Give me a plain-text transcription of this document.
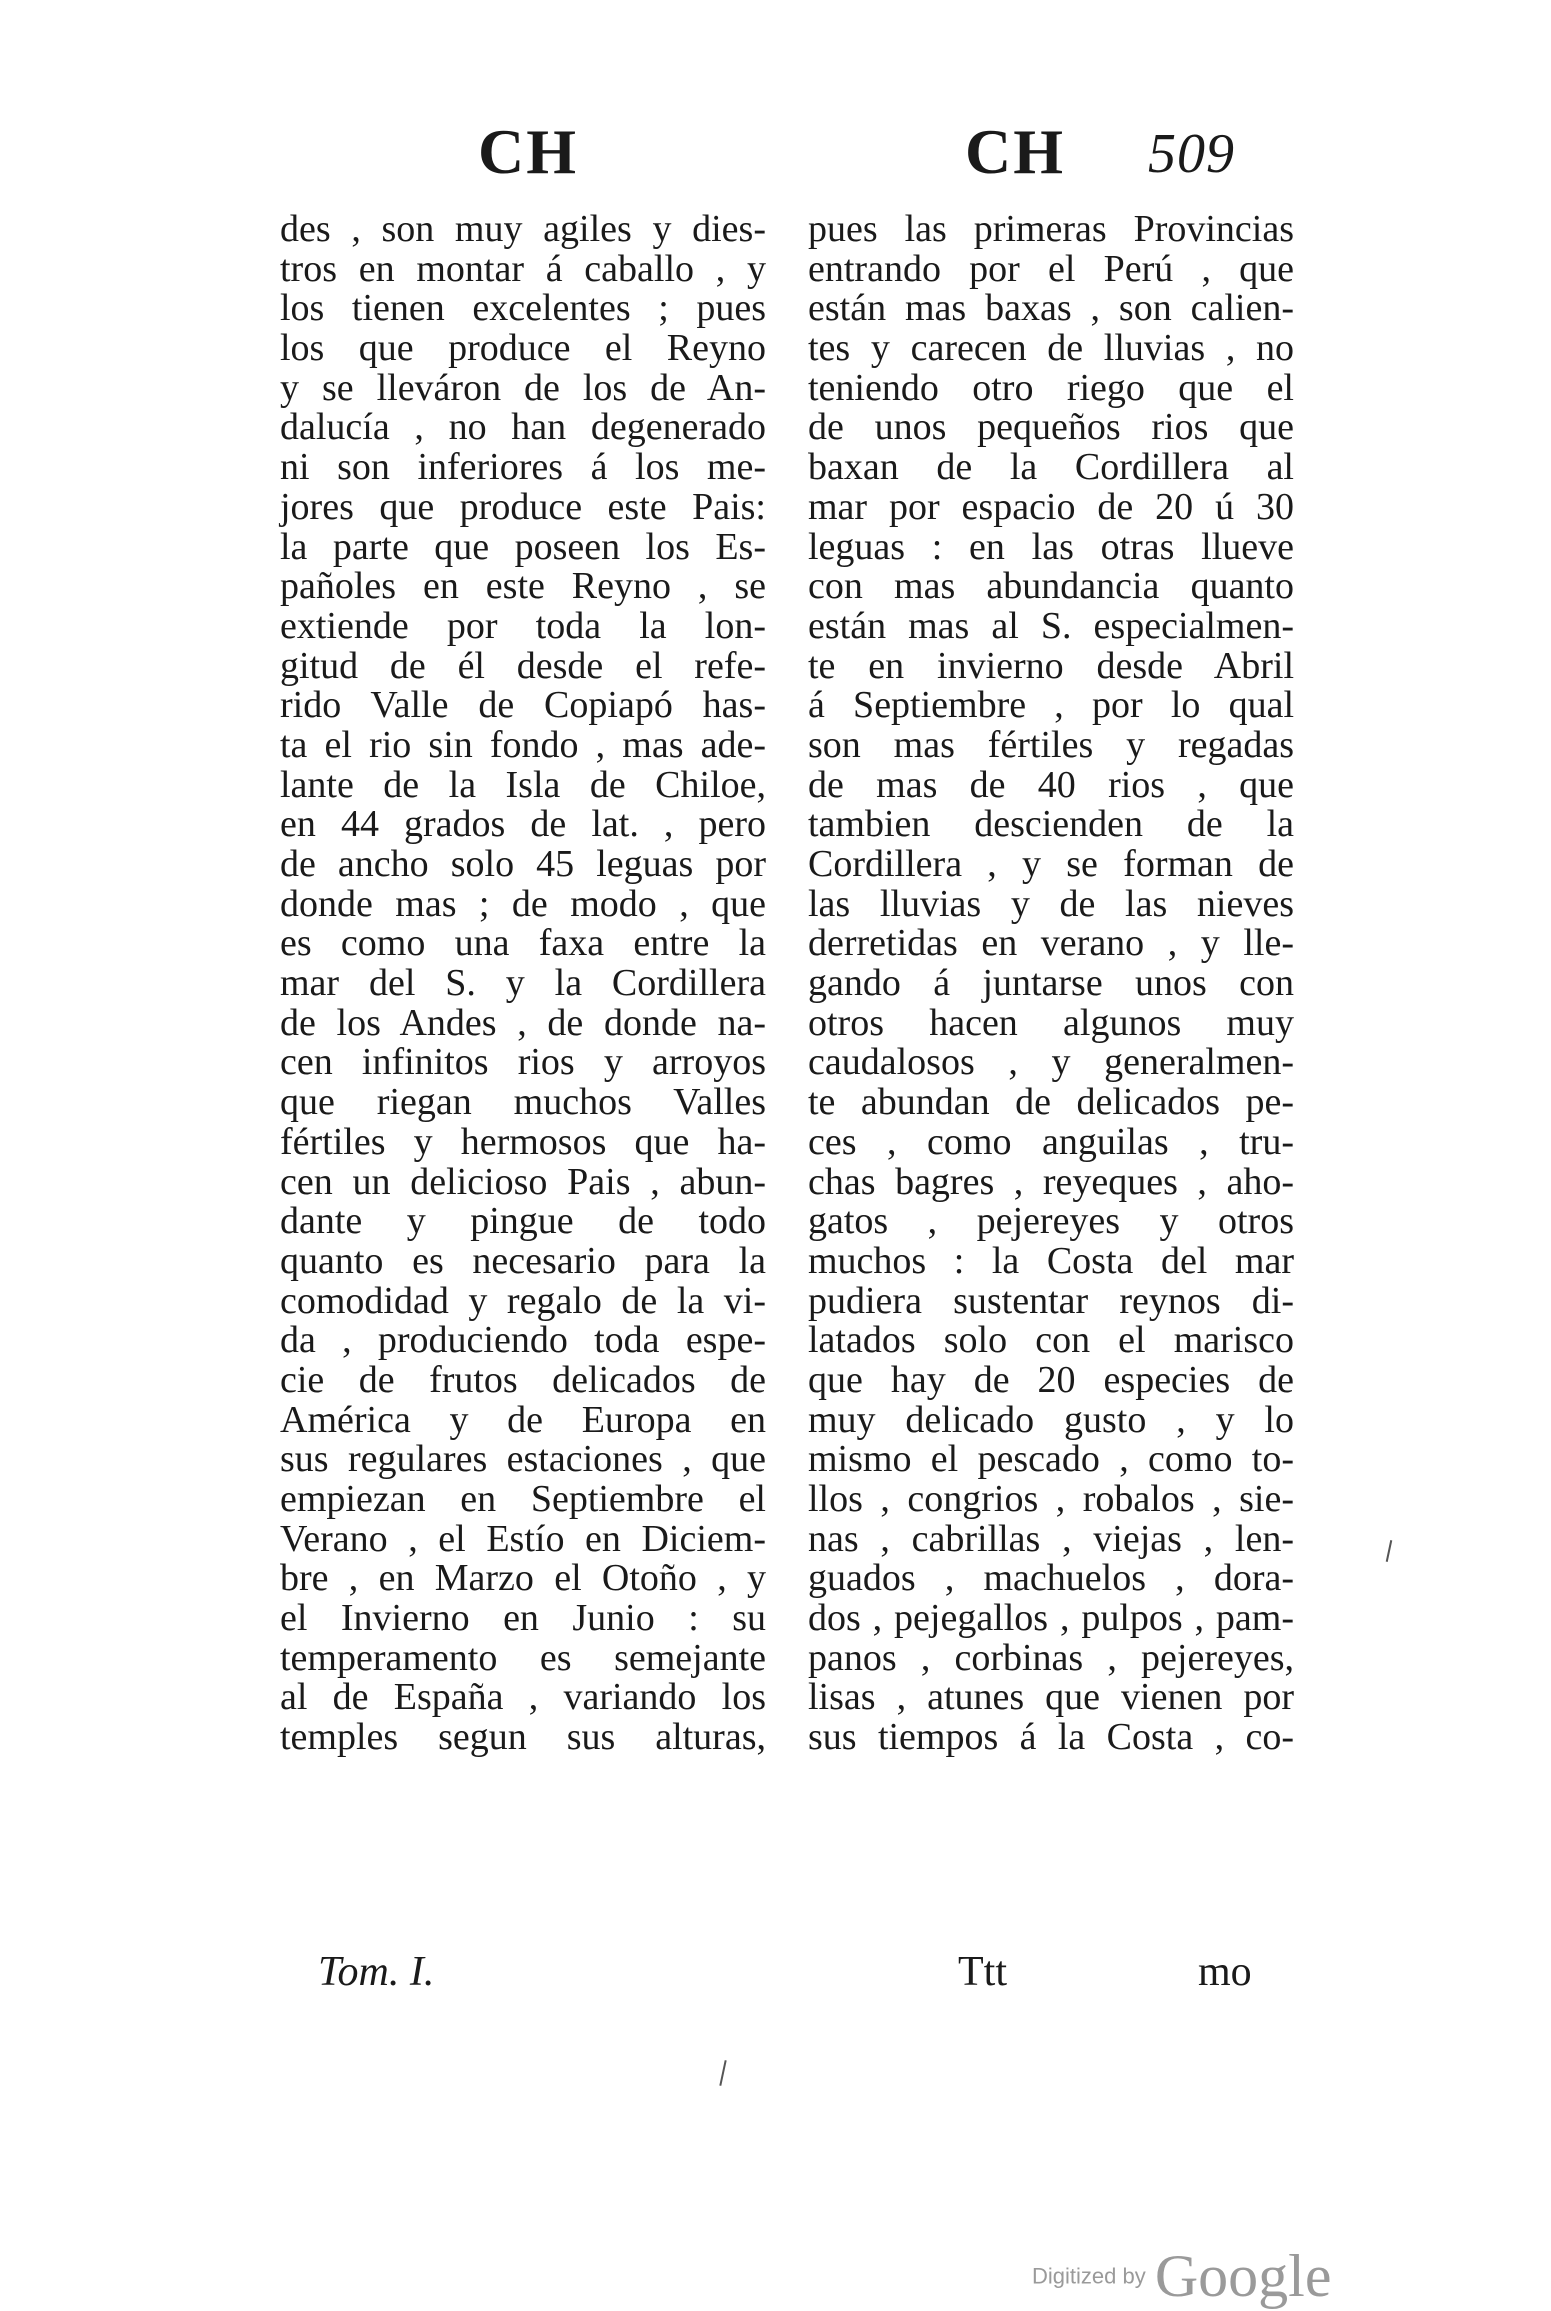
CH	CH 509
des , son muy agiles y dies-
tros en montar á caballo , y
los tienen excelentes ; pues
los que produce el Reyno
y se lleváron de los de An-
dalucía , no han degenerado
ni son inferiores á los me-
jores que produce este Pais:
la parte que poseen los Es-
pañoles en este Reyno , se
extiende por toda la lon-
gitud de él desde el refe-
rido Valle de Copiapó has-
ta el rio sin fondo , mas ade-
lante de la Isla de Chiloe,
en 44 grados de lat. , pero
de ancho solo 45 leguas por
donde mas ; de modo , que
es como una faxa entre la
mar del S. y la Cordillera
de los Andes , de donde na-
cen infinitos rios y arroyos
que riegan muchos Valles
fértiles y hermosos que ha-
cen un delicioso Pais , abun-
dante y pingue de todo
quanto es necesario para la
comodidad y regalo de la vi-
da , produciendo toda espe-
cie de frutos delicados de
América y de Europa en
sus regulares estaciones , que
empiezan en Septiembre el
Verano , el Estío en Diciem-
bre , en Marzo el Otoño , y
el Invierno en Junio : su
temperamento es semejante
al de España , variando los
temples segun sus alturas,
pues las primeras Provincias
entrando por el Perú , que
están mas baxas , son calien-
tes y carecen de lluvias , no
teniendo otro riego que el
de unos pequeños rios que
baxan de la Cordillera al
mar por espacio de 20 ú 30
leguas : en las otras llueve
con mas abundancia quanto
están mas al S. especialmen-
te en invierno desde Abril
á Septiembre , por lo qual
son mas fértiles y regadas
de mas de 40 rios , que
tambien descienden de la
Cordillera , y se forman de
las lluvias y de las nieves
derretidas en verano , y lle-
gando á juntarse unos con
otros hacen algunos muy
caudalosos , y generalmen-
te abundan de delicados pe-
ces , como anguilas , tru-
chas bagres , reyeques , aho-
gatos , pejereyes y otros
muchos : la Costa del mar
pudiera sustentar reynos di-
latados solo con el marisco
que hay de 20 especies de
muy delicado gusto , y lo
mismo el pescado , como to-
llos , congrios , robalos , sie-
nas , cabrillas , viejas , len-
guados , machuelos , dora-
dos , pejegallos , pulpos , pam-
panos , corbinas , pejereyes,
lisas , atunes que vienen por
sus tiempos á la Costa , co-
Tom. I.	Ttt	mo
Digitized by Google
